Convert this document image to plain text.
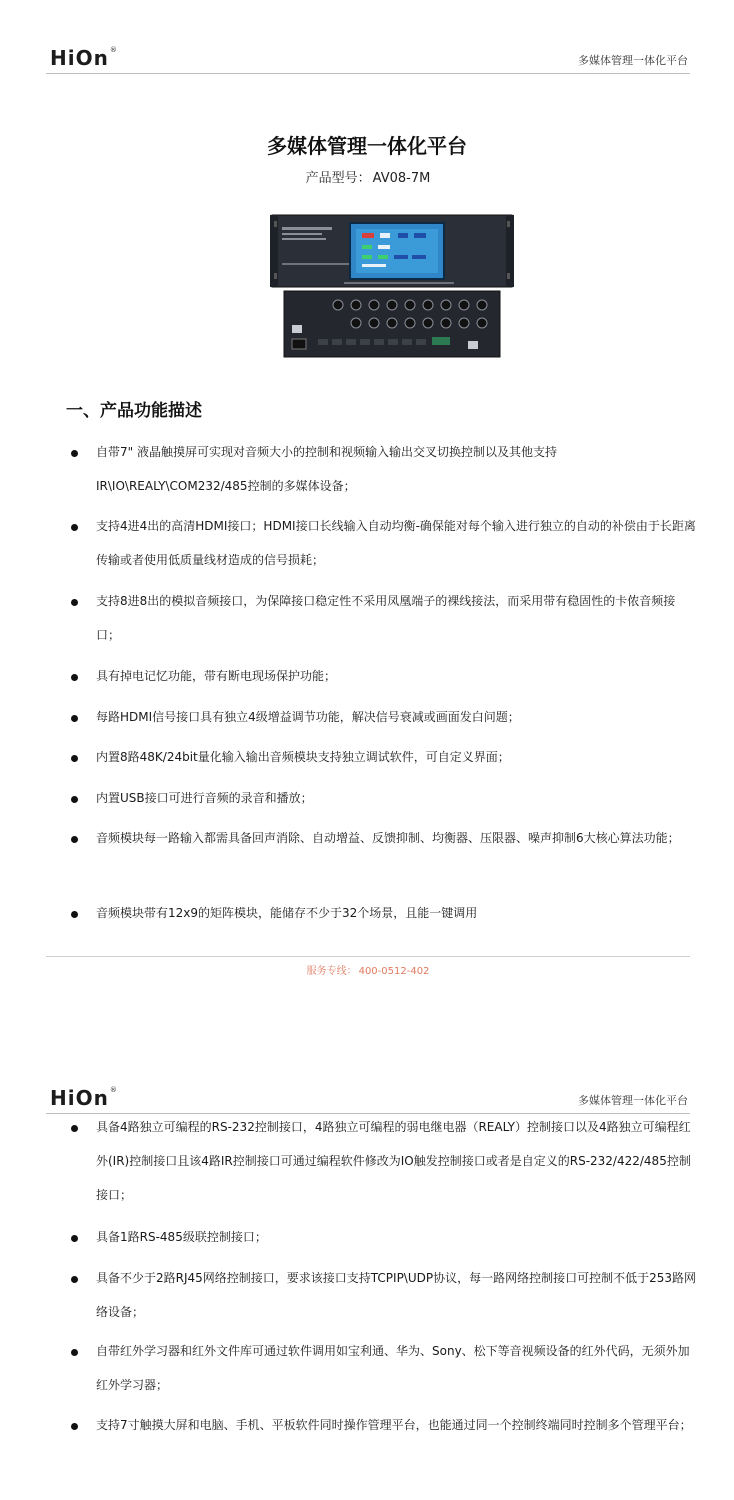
HiOn®
多媒体管理一体化平台
多媒体管理一体化平台
产品型号： AV08-7M
一、产品功能描述
自带7" 液晶触摸屏可实现对音频大小的控制和视频输入输出交叉切换控制以及其他支持IR\IO\REALY\COM232/485控制的多媒体设备；
支持4进4出的高清HDMI接口；HDMI接口长线输入自动均衡-确保能对每个输入进行独立的自动的补偿由于长距离传输或者使用低质量线材造成的信号损耗；
支持8进8出的模拟音频接口，为保障接口稳定性不采用凤凰端子的裸线接法，而采用带有稳固性的卡侬音频接口；
具有掉电记忆功能，带有断电现场保护功能；
每路HDMI信号接口具有独立4级增益调节功能，解决信号衰减或画面发白问题；
内置8路48K/24bit量化输入输出音频模块支持独立调试软件，可自定义界面；
内置USB接口可进行音频的录音和播放；
音频模块每一路输入都需具备回声消除、自动增益、反馈抑制、均衡器、压限器、噪声抑制6大核心算法功能；
音频模块带有12x9的矩阵模块，能储存不少于32个场景，且能一键调用
服务专线： 400-0512-402
HiOn®
多媒体管理一体化平台
具备4路独立可编程的RS-232控制接口，4路独立可编程的弱电继电器（REALY）控制接口以及4路独立可编程红外(IR)控制接口且该4路IR控制接口可通过编程软件修改为IO触发控制接口或者是自定义的RS-232/422/485控制接口；
具备1路RS-485级联控制接口；
具备不少于2路RJ45网络控制接口，要求该接口支持TCPIP\UDP协议，每一路网络控制接口可控制不低于253路网络设备；
自带红外学习器和红外文件库可通过软件调用如宝利通、华为、Sony、松下等音视频设备的红外代码，无须外加红外学习器；
支持7寸触摸大屏和电脑、手机、平板软件同时操作管理平台，也能通过同一个控制终端同时控制多个管理平台；
